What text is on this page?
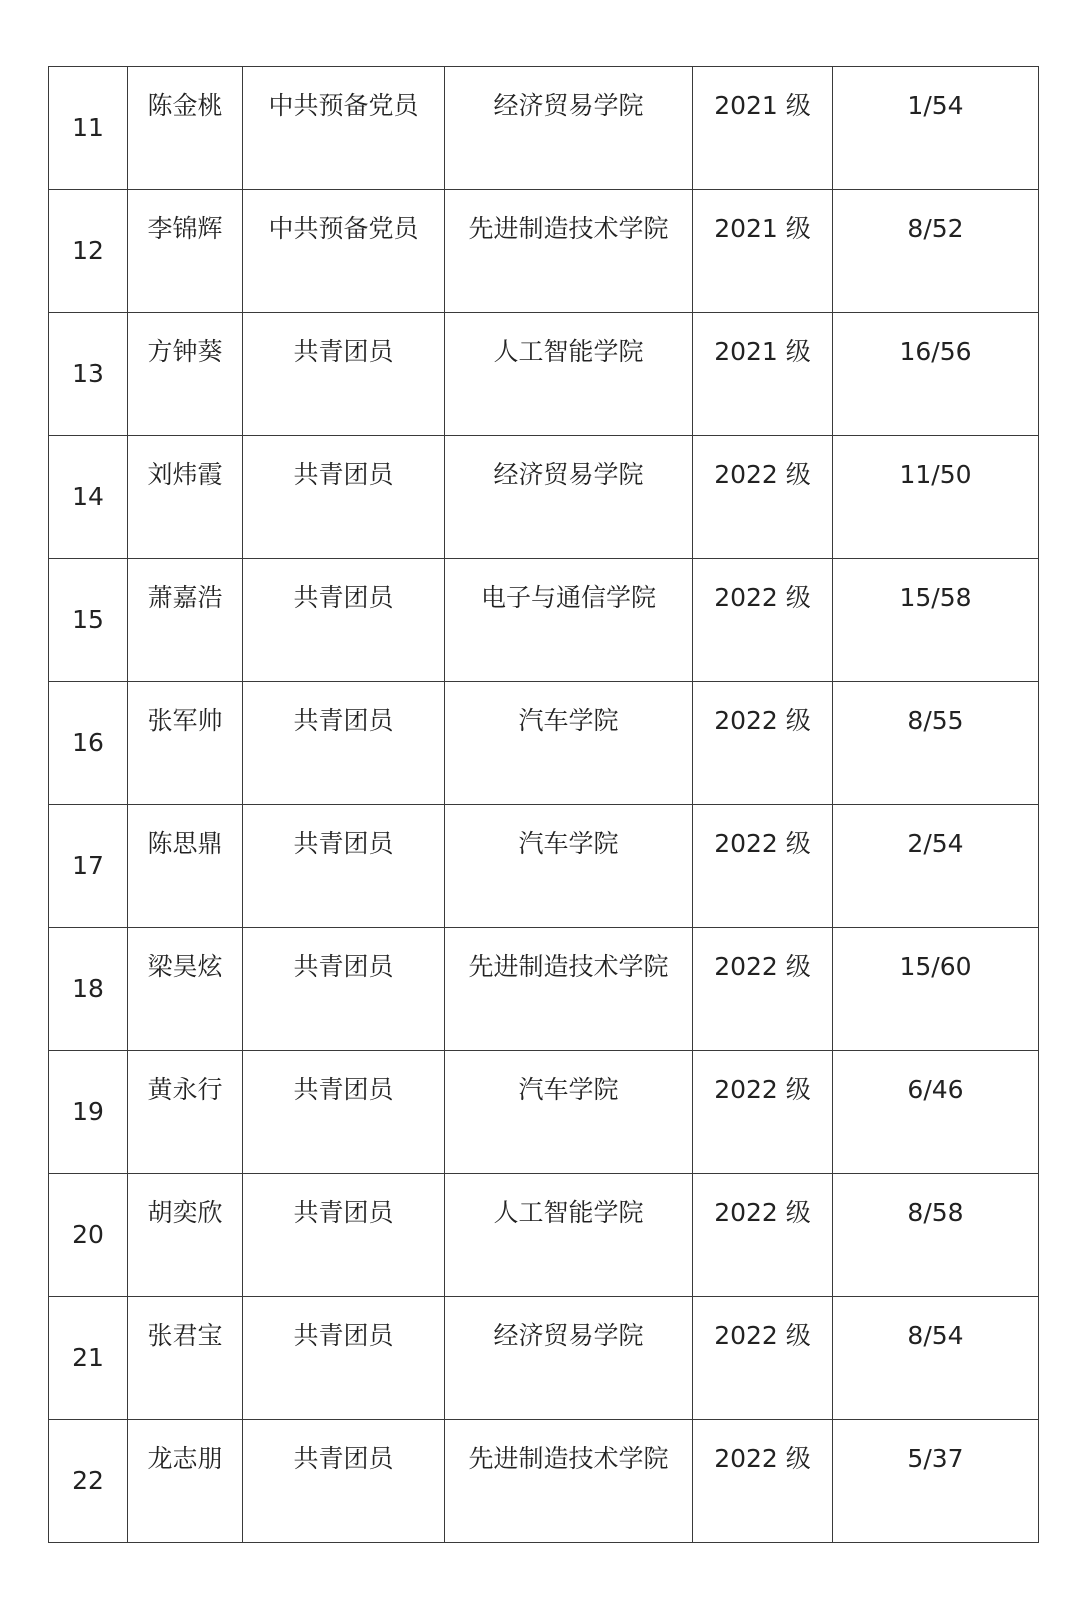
11	陈金桃	中共预备党员	经济贸易学院	2021 级	1/54
12	李锦辉	中共预备党员	先进制造技术学院	2021 级	8/52
13	方钟葵	共青团员	人工智能学院	2021 级	16/56
14	刘炜霞	共青团员	经济贸易学院	2022 级	11/50
15	萧嘉浩	共青团员	电子与通信学院	2022 级	15/58
16	张军帅	共青团员	汽车学院	2022 级	8/55
17	陈思鼎	共青团员	汽车学院	2022 级	2/54
18	梁昊炫	共青团员	先进制造技术学院	2022 级	15/60
19	黄永行	共青团员	汽车学院	2022 级	6/46
20	胡奕欣	共青团员	人工智能学院	2022 级	8/58
21	张君宝	共青团员	经济贸易学院	2022 级	8/54
22	龙志朋	共青团员	先进制造技术学院	2022 级	5/37
